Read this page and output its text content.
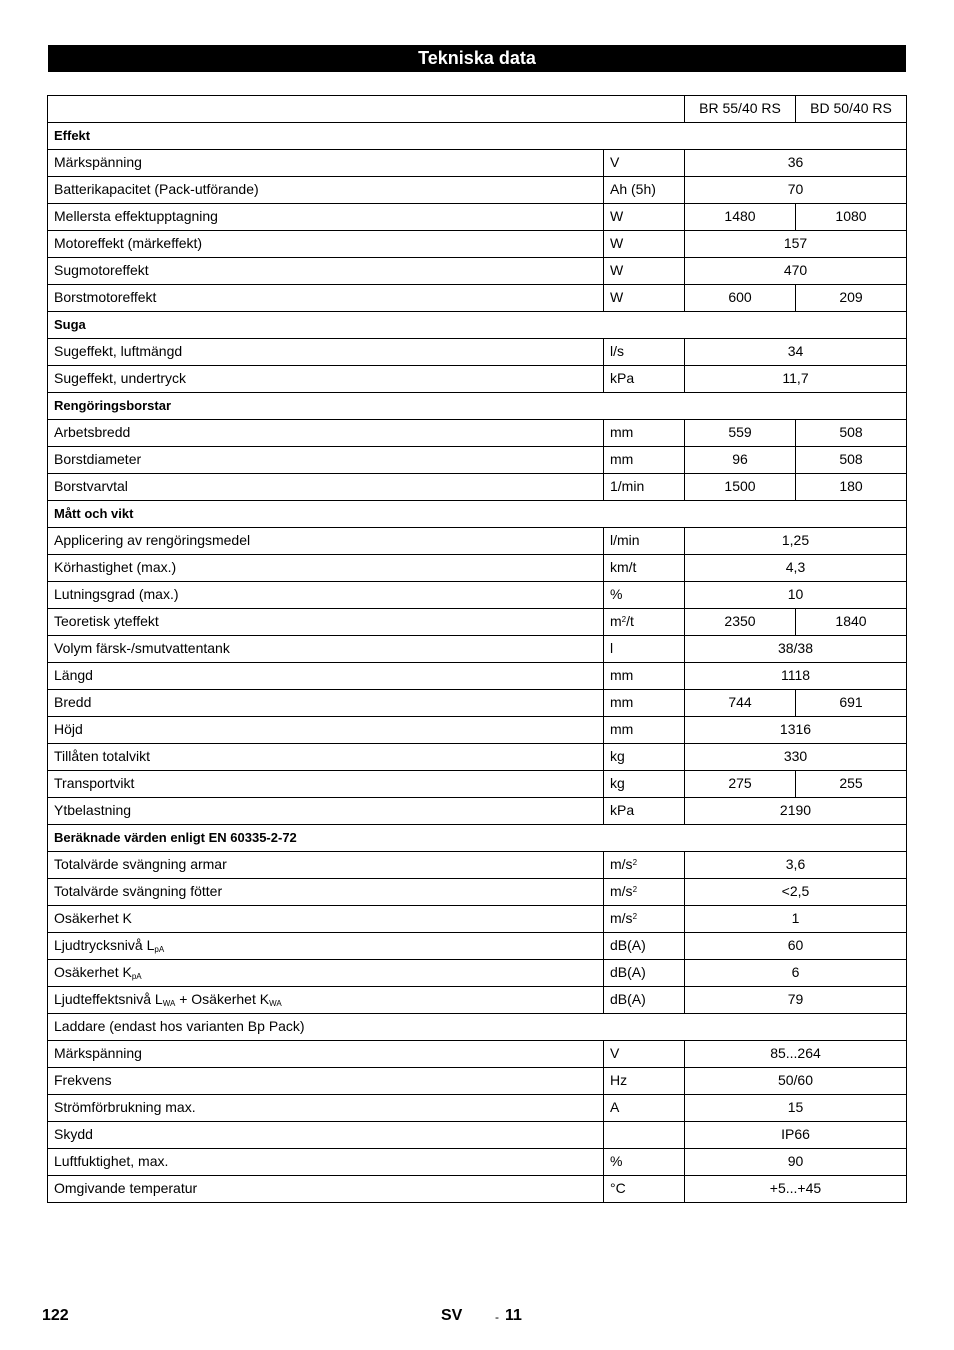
Tekniska data
		BR 55/40 RS	BD 50/40 RS
Effekt			
Märkspänning	V	36	
Batterikapacitet (Pack-utförande)	Ah (5h)	70	
Mellersta effektupptagning	W	1480	1080
Motoreffekt (märkeffekt)	W	157	
Sugmotoreffekt	W	470	
Borstmotoreffekt	W	600	209
Suga			
Sugeffekt, luftmängd	l/s	34	
Sugeffekt, undertryck	kPa	11,7	
Rengöringsborstar			
Arbetsbredd	mm	559	508
Borstdiameter	mm	96	508
Borstvarvtal	1/min	1500	180
Mått och vikt			
Applicering av rengöringsmedel	l/min	1,25	
Körhastighet (max.)	km/t	4,3	
Lutningsgrad (max.)	%	10	
Teoretisk yteffekt	$m^2/t$	2350	1840
Volym färsk-/smutvattentank	l	38/38	
Längd	mm	1118	
Bredd	mm	744	691
Höjd	mm	1316	
Tillåten totalvikt	kg	330	
Transportvikt	kg	275	255
Ytbelastning	kPa	2190	
Beräknade värden enligt EN 60335-2-72			
Totalvärde svängning armar	$m/s^2$	3,6	
Totalvärde svängning fötter	$m/s^2$	<2,5	
Osäkerhet K	$m/s^2$	1	
Ljudtrycksnivå $L_{pA}$	dB(A)	60	
Osäkerhet $K_{pA}$	dB(A)	6	
Ljudteffektsnivå $L_{WA}$ + Osäkerhet $K_{WA}$	dB(A)	79	
Laddare (endast hos varianten Bp Pack)			
Märkspänning	V	85...264	
Frekvens	Hz	50/60	
Strömförbrukning max.	A	15	
Skydd		IP66	
Luftfuktighet, max.	%	90	
Omgivande temperatur	°C	+5...+45	
122	SV	- 11
